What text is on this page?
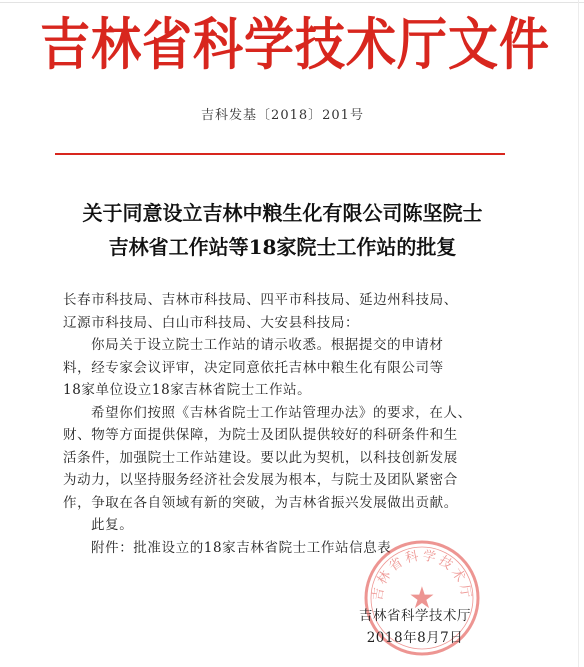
吉林省科学技术厅文件
吉科发基〔2018〕201号
关于同意设立吉林中粮生化有限公司陈坚院士
吉林省工作站等18家院士工作站的批复

长春市科技局、吉林市科技局、四平市科技局、延边州科技局、

辽源市科技局、白山市科技局、大安县科技局：

你局关于设立院士工作站的请示收悉。根据提交的申请材

料，经专家会议评审，决定同意依托吉林中粮生化有限公司等

18家单位设立18家吉林省院士工作站。

希望你们按照《吉林省院士工作站管理办法》的要求，在人、

财、物等方面提供保障，为院士及团队提供较好的科研条件和生

活条件，加强院士工作站建设。要以此为契机，以科技创新发展

为动力，以坚持服务经济社会发展为根本，与院士及团队紧密合

作，争取在各自领域有新的突破，为吉林省振兴发展做出贡献。

此复。

附件：批准设立的18家吉林省院士工作站信息表

吉林省科学技术厅
★
吉林省科学技术厅
2018年8月7日
